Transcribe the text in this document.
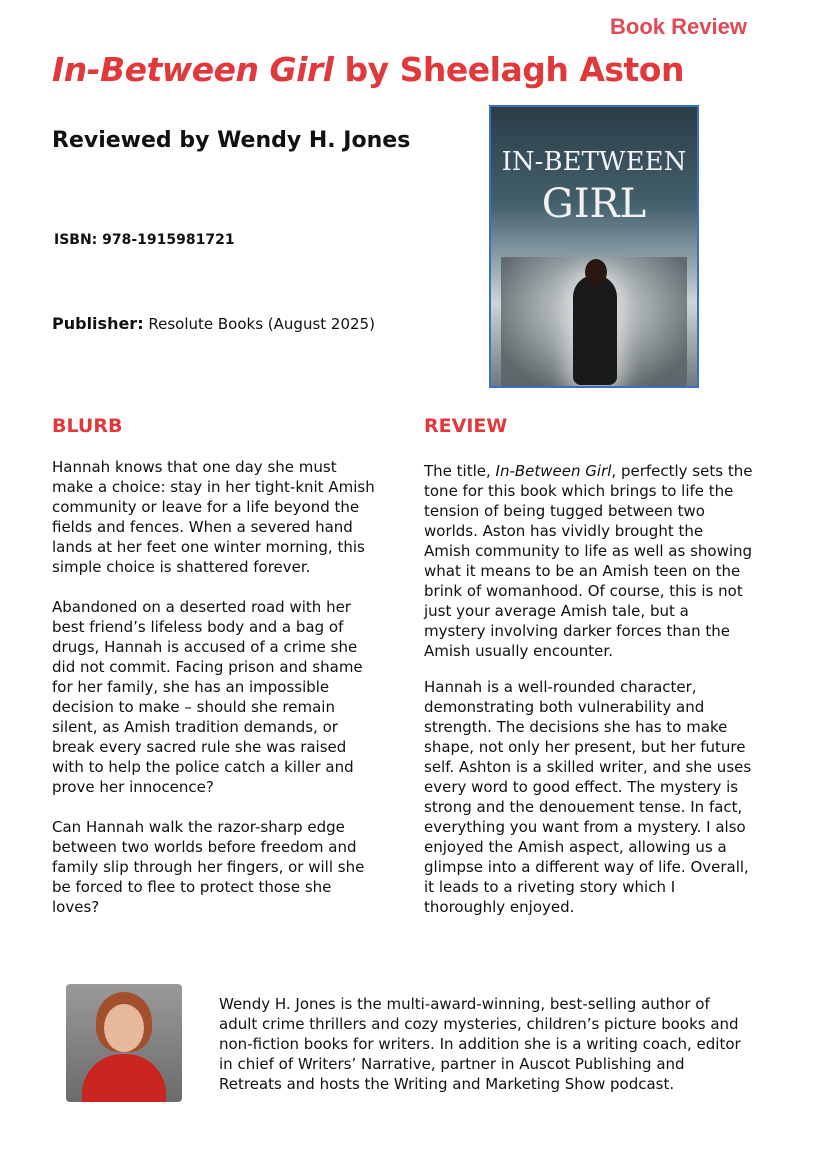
Book Review
In-Between Girl by Sheelagh Aston
Reviewed by Wendy H. Jones
ISBN: 978-1915981721
Publisher: Resolute Books (August 2025)
IN-BETWEEN
GIRL
BLURB	REVIEW

Hannah knows that one day she must make a choice: stay in her tight-knit Amish community or leave for a life beyond the fields and fences. When a severed hand lands at her feet one winter morning, this simple choice is shattered forever.

Abandoned on a deserted road with her best friend’s lifeless body and a bag of drugs, Hannah is accused of a crime she did not commit. Facing prison and shame for her family, she has an impossible decision to make – should she remain silent, as Amish tradition demands, or break every sacred rule she was raised with to help the police catch a killer and prove her innocence?

Can Hannah walk the razor-sharp edge between two worlds before freedom and family slip through her fingers, or will she be forced to flee to protect those she loves?

The title, In-Between Girl, perfectly sets the tone for this book which brings to life the tension of being tugged between two worlds. Aston has vividly brought the Amish community to life as well as showing what it means to be an Amish teen on the brink of womanhood. Of course, this is not just your average Amish tale, but a mystery involving darker forces than the Amish usually encounter.

Hannah is a well-rounded character, demonstrating both vulnerability and strength. The decisions she has to make shape, not only her present, but her future self. Ashton is a skilled writer, and she uses every word to good effect. The mystery is strong and the denouement tense. In fact, everything you want from a mystery. I also enjoyed the Amish aspect, allowing us a glimpse into a different way of life. Overall, it leads to a riveting story which I thoroughly enjoyed.

Wendy H. Jones is the multi-award-winning, best-selling author of adult crime thrillers and cozy mysteries, children’s picture books and non-fiction books for writers. In addition she is a writing coach, editor in chief of Writers’ Narrative, partner in Auscot Publishing and Retreats and hosts the Writing and Marketing Show podcast.
